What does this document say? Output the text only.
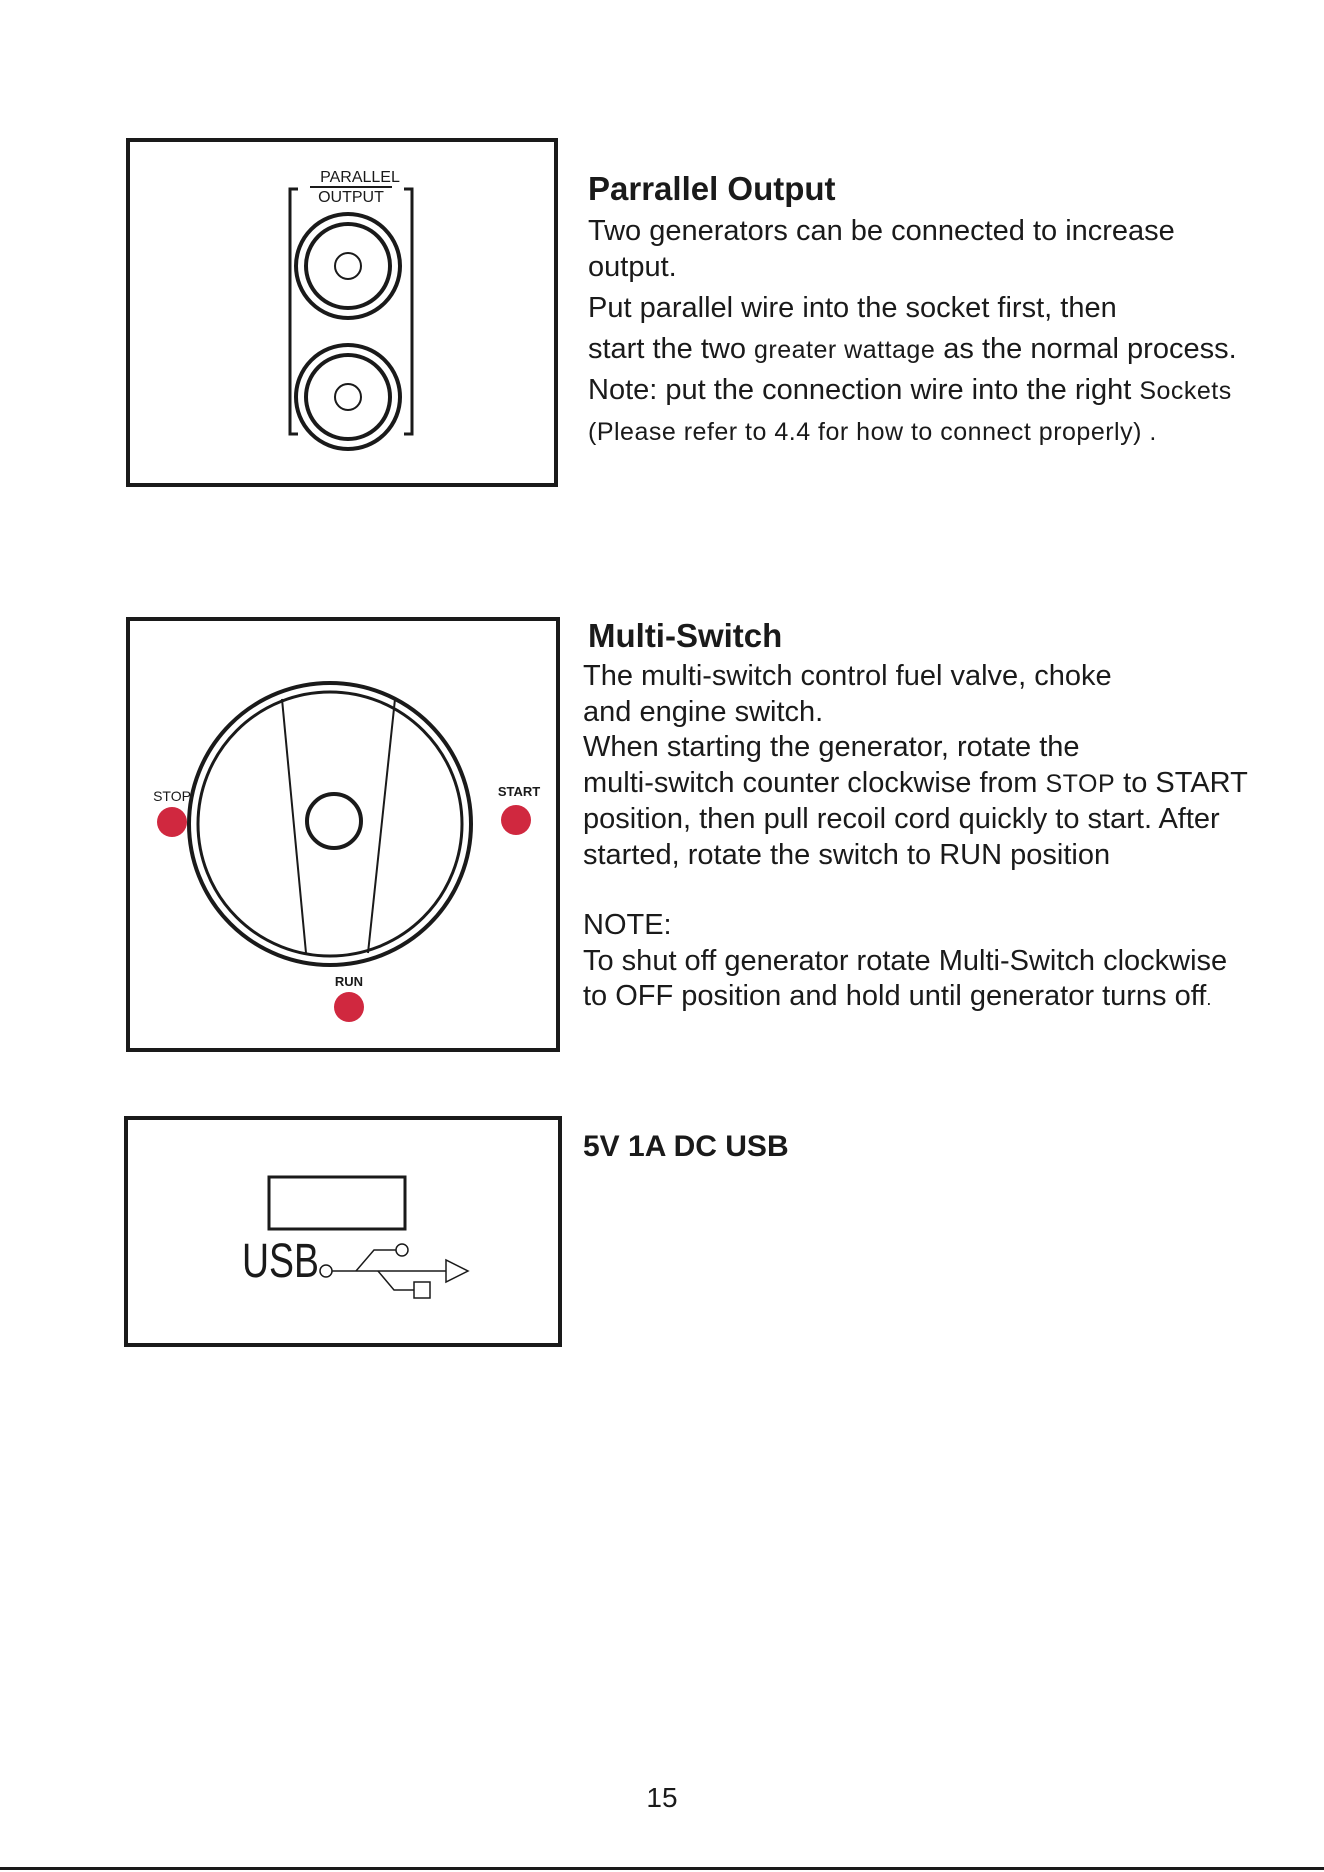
PARALLEL
OUTPUT	Parrallel Output
Two generators can be connected to increase
output.
Put parallel wire into the socket first, then
start the two greater wattage as the normal process.
Note: put the connection wire into the right Sockets
(Please refer to 4.4 for how to connect properly) .
STOP	START
RUN
Multi-Switch
The multi-switch control fuel valve, choke
and engine switch.
When starting the generator, rotate the
multi-switch counter clockwise from STOP to START
position, then pull recoil cord quickly to start. After
started, rotate the switch to RUN position
NOTE:
To shut off generator rotate Multi-Switch clockwise
to OFF position and hold until generator turns off.
USB
5V 1A DC USB
15
